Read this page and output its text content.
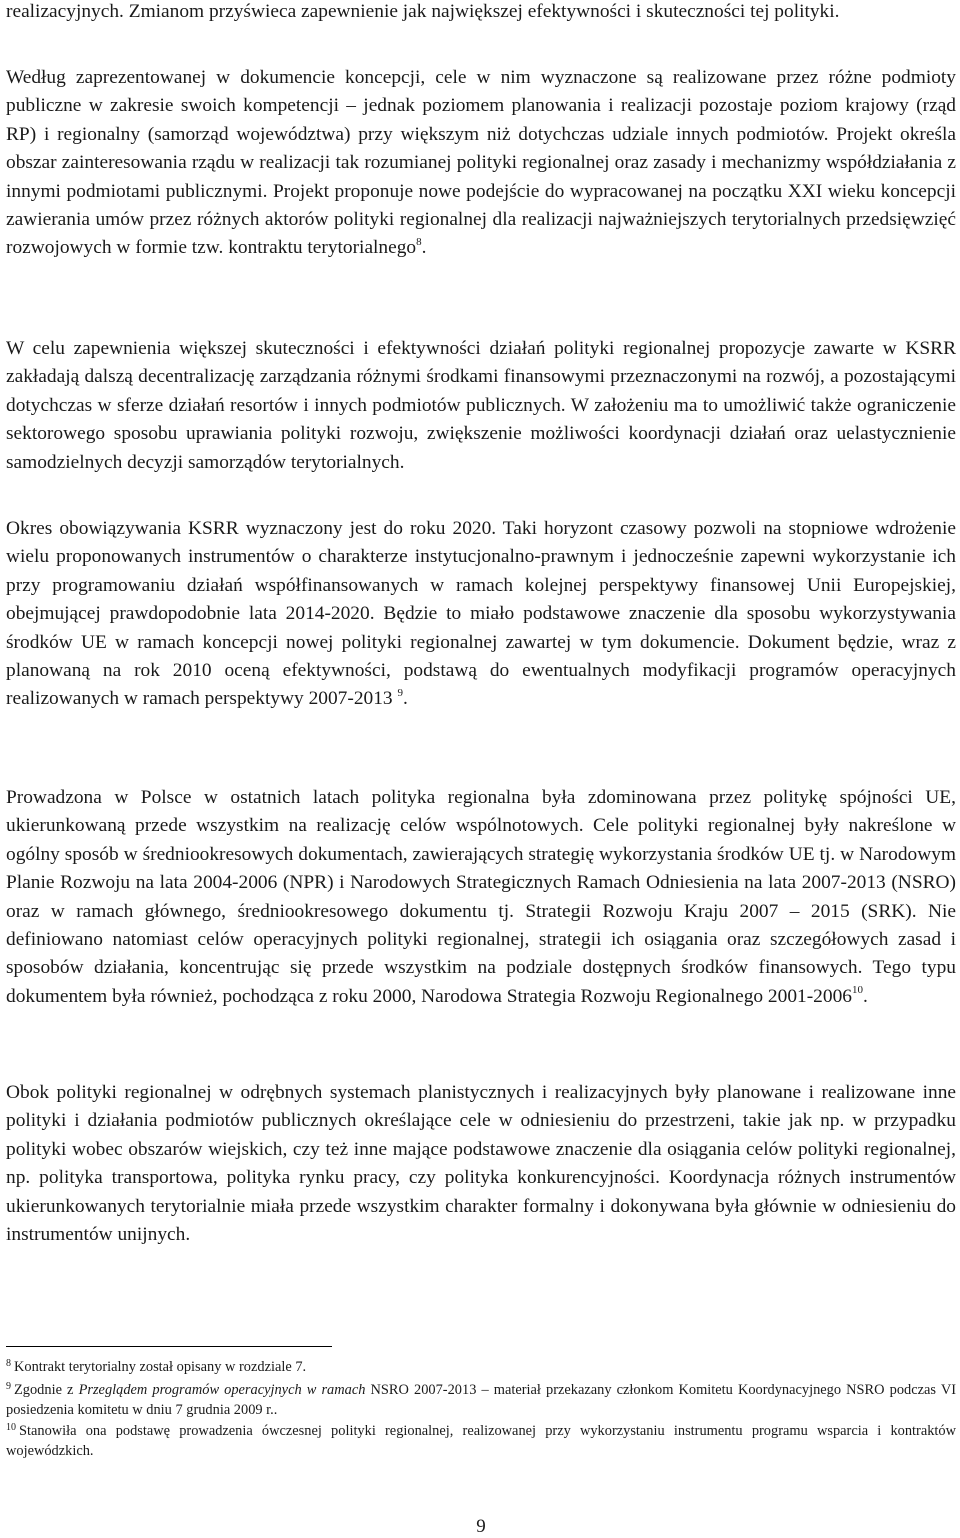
realizacyjnych. Zmianom przyświeca zapewnienie jak największej efektywności i skuteczności tej polityki.

Według zaprezentowanej w dokumencie koncepcji, cele w nim wyznaczone są realizowane przez różne podmioty publiczne w zakresie swoich kompetencji – jednak poziomem planowania i realizacji pozostaje poziom krajowy (rząd RP) i regionalny (samorząd województwa) przy większym niż dotychczas udziale innych podmiotów. Projekt określa obszar zainteresowania rządu w realizacji tak rozumianej polityki regionalnej oraz zasady i mechanizmy współdziałania z innymi podmiotami publicznymi. Projekt proponuje nowe podejście do wypracowanej na początku XXI wieku koncepcji zawierania umów przez różnych aktorów polityki regionalnej dla realizacji najważniejszych terytorialnych przedsięwzięć rozwojowych w formie tzw. kontraktu terytorialnego$^8$.

W celu zapewnienia większej skuteczności i efektywności działań polityki regionalnej propozycje zawarte w KSRR zakładają dalszą decentralizację zarządzania różnymi środkami finansowymi przeznaczonymi na rozwój, a pozostającymi dotychczas w sferze działań resortów i innych podmiotów publicznych. W założeniu ma to umożliwić także ograniczenie sektorowego sposobu uprawiania polityki rozwoju, zwiększenie możliwości koordynacji działań oraz uelastycznienie samodzielnych decyzji samorządów terytorialnych.

Okres obowiązywania KSRR wyznaczony jest do roku 2020. Taki horyzont czasowy pozwoli na stopniowe wdrożenie wielu proponowanych instrumentów o charakterze instytucjonalno-prawnym i jednocześnie zapewni wykorzystanie ich przy programowaniu działań współfinansowanych w ramach kolejnej perspektywy finansowej Unii Europejskiej, obejmującej prawdopodobnie lata 2014-2020. Będzie to miało podstawowe znaczenie dla sposobu wykorzystywania środków UE w ramach koncepcji nowej polityki regionalnej zawartej w tym dokumencie. Dokument będzie, wraz z planowaną na rok 2010 oceną efektywności, podstawą do ewentualnych modyfikacji programów operacyjnych realizowanych w ramach perspektywy 2007-2013 $^9$.

Prowadzona w Polsce w ostatnich latach polityka regionalna była zdominowana przez politykę spójności UE, ukierunkowaną przede wszystkim na realizację celów wspólnotowych. Cele polityki regionalnej były nakreślone w ogólny sposób w średniookresowych dokumentach, zawierających strategię wykorzystania środków UE tj. w Narodowym Planie Rozwoju na lata 2004-2006 (NPR) i Narodowych Strategicznych Ramach Odniesienia na lata 2007-2013 (NSRO) oraz w ramach głównego, średniookresowego dokumentu tj. Strategii Rozwoju Kraju 2007 – 2015 (SRK). Nie definiowano natomiast celów operacyjnych polityki regionalnej, strategii ich osiągania oraz szczegółowych zasad i sposobów działania, koncentrując się przede wszystkim na podziale dostępnych środków finansowych. Tego typu dokumentem była również, pochodząca z roku 2000, Narodowa Strategia Rozwoju Regionalnego 2001-2006$^{10}$.

Obok polityki regionalnej w odrębnych systemach planistycznych i realizacyjnych były planowane i realizowane inne polityki i działania podmiotów publicznych określające cele w odniesieniu do przestrzeni, takie jak np. w przypadku polityki wobec obszarów wiejskich, czy też inne mające podstawowe znaczenie dla osiągania celów polityki regionalnej, np. polityka transportowa, polityka rynku pracy, czy polityka konkurencyjności. Koordynacja różnych instrumentów ukierunkowanych terytorialnie miała przede wszystkim charakter formalny i dokonywana była głównie w odniesieniu do instrumentów unijnych.

$^8$ Kontrakt terytorialny został opisany w rozdziale 7.

$^9$ Zgodnie z Przeglądem programów operacyjnych w ramach NSRO 2007-2013 – materiał przekazany członkom Komitetu Koordynacyjnego NSRO podczas VI posiedzenia komitetu w dniu 7 grudnia 2009 r..

$^{10}$ Stanowiła ona podstawę prowadzenia ówczesnej polityki regionalnej, realizowanej przy wykorzystaniu instrumentu programu wsparcia i kontraktów wojewódzkich.

9
